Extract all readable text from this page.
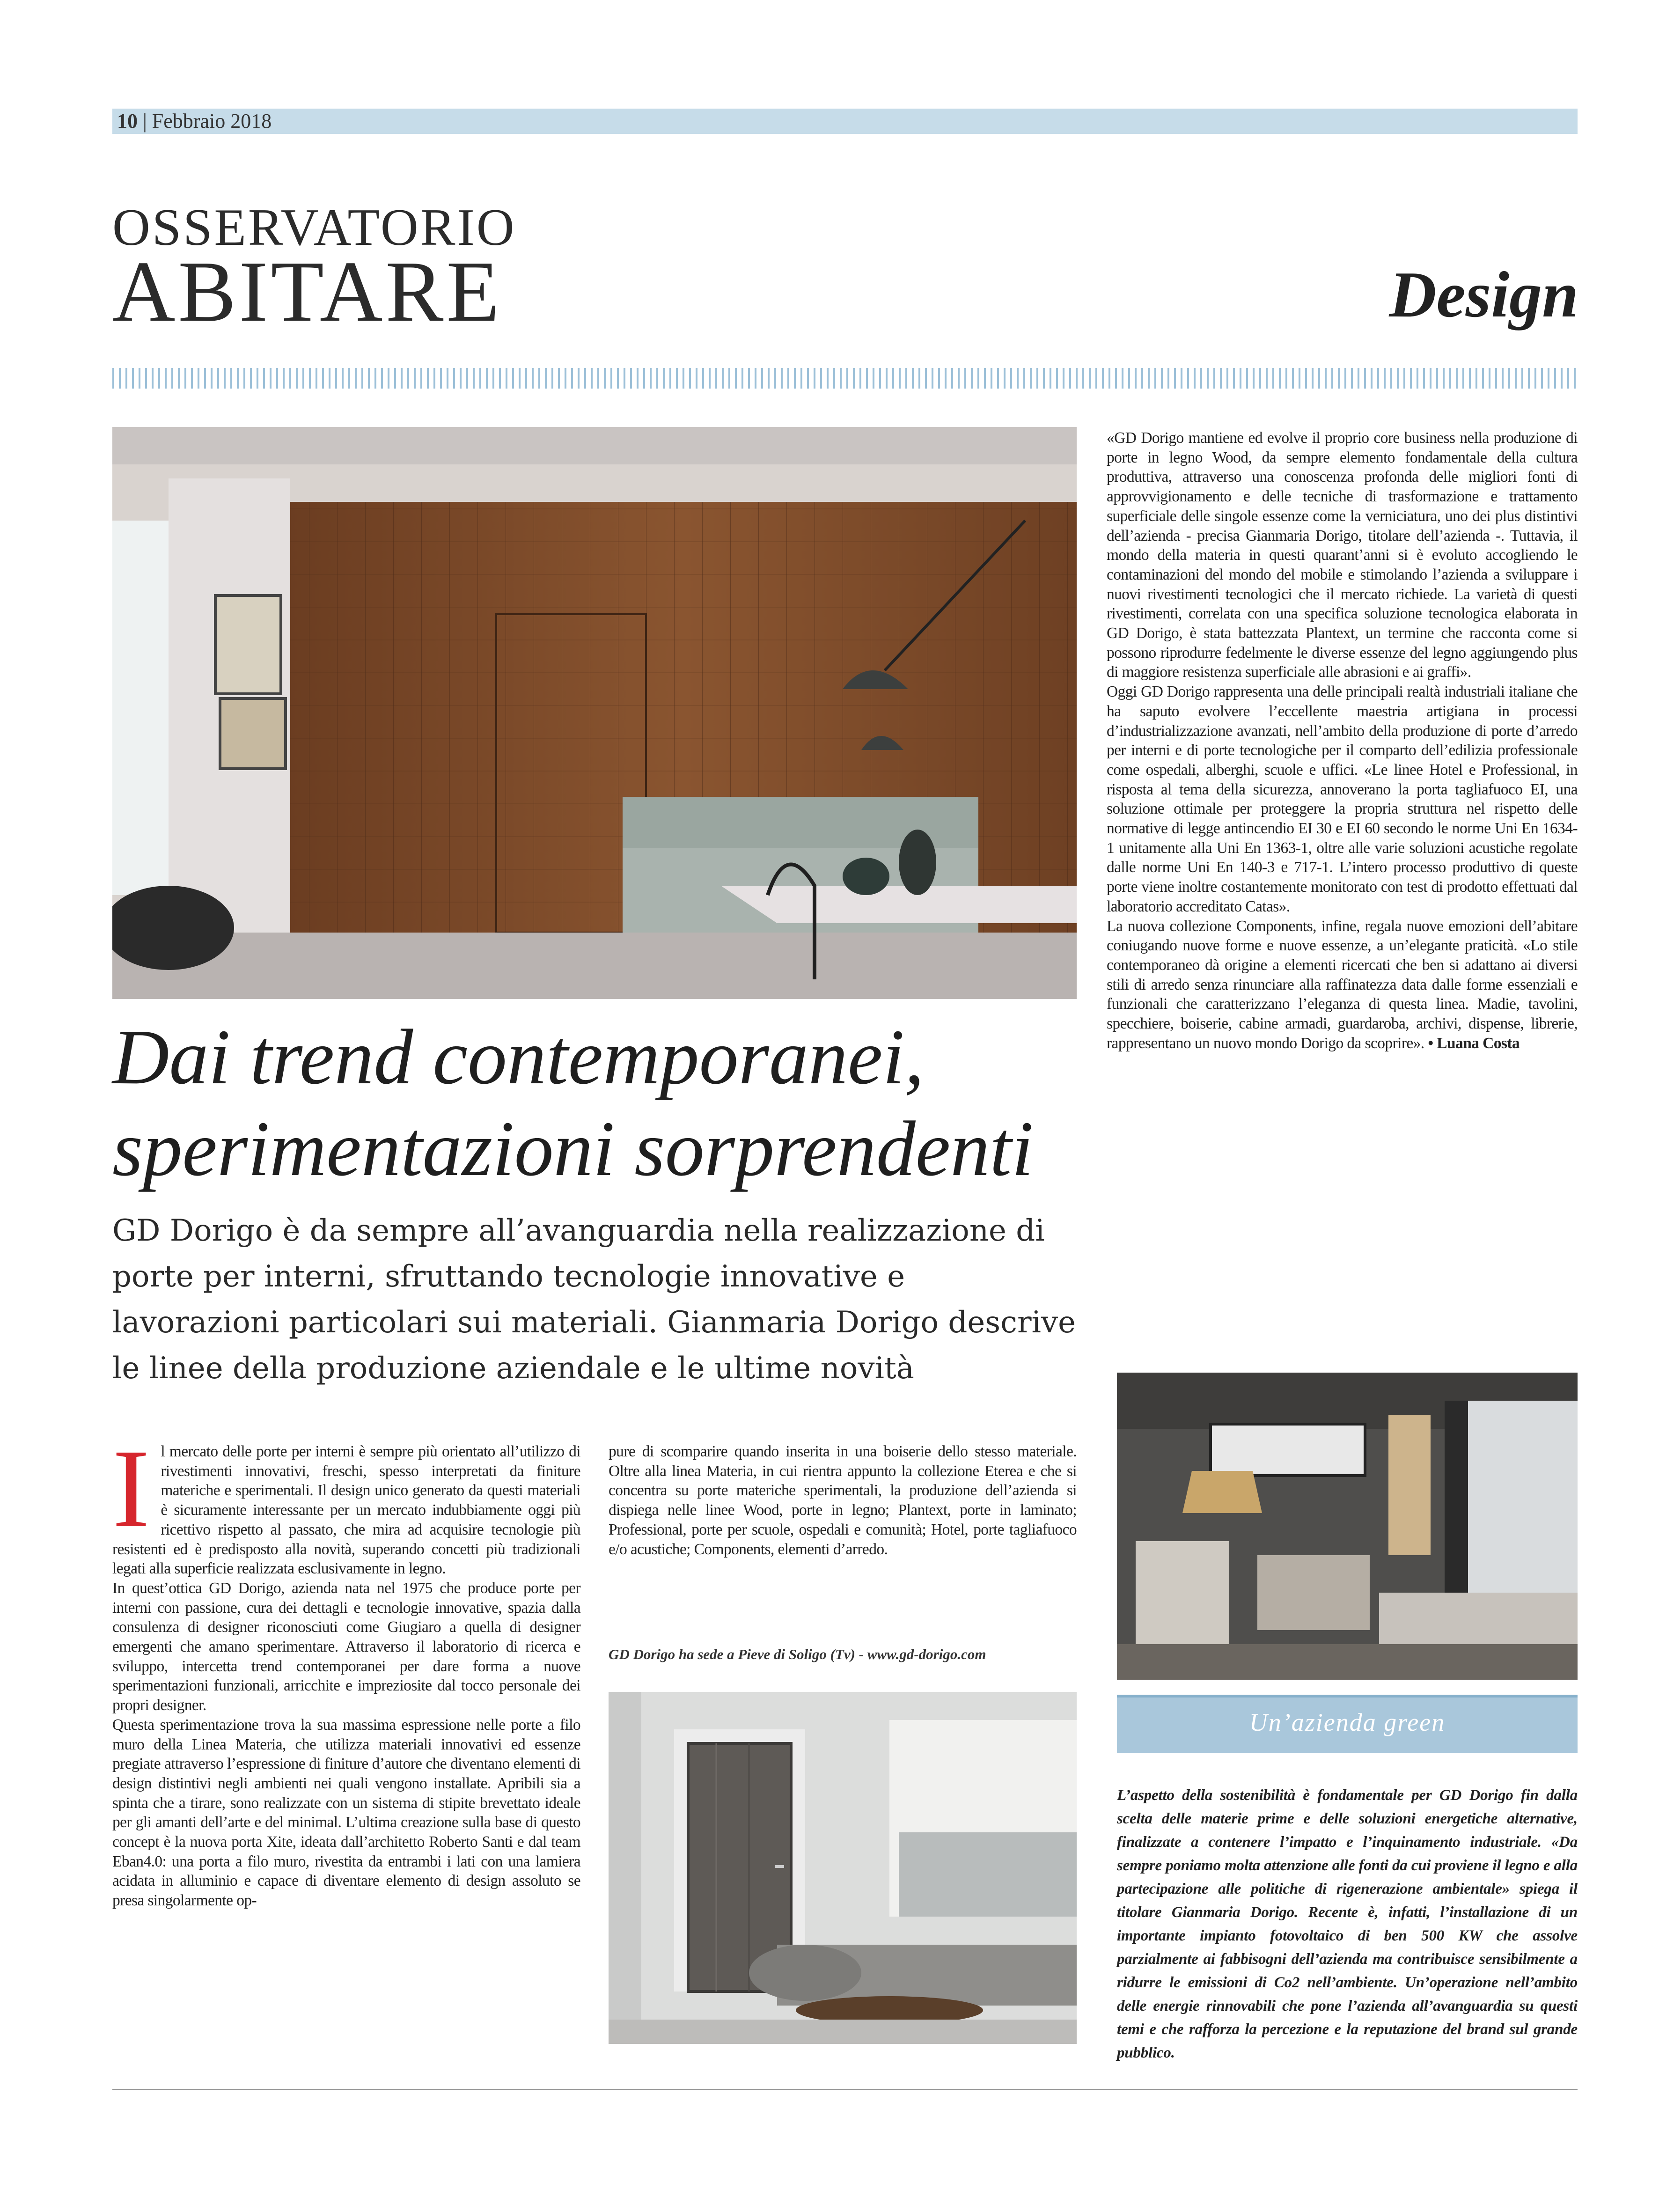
10 | Febbraio 2018
OSSERVATORIO
ABITARE	Design
Dai trend contemporanei,
sperimentazioni sorprendenti

GD Dorigo è da sempre all’avanguardia nella realizzazione di porte per interni, sfruttando tecnologie innovative e lavorazioni particolari sui materiali. Gianmaria Dorigo descrive le linee della produzione aziendale e le ultime novità

I l mercato delle porte per interni è sempre più orientato all’utilizzo di rivestimenti innovativi, freschi, spesso interpretati da finiture materiche e sperimentali. Il design unico generato da questi materiali è sicuramente interessante per un mercato indubbiamente oggi più ricettivo rispetto al passato, che mira ad acquisire tecnologie più resistenti ed è predisposto alla novità, superando concetti più tradizionali legati alla superficie realizzata esclusivamente in legno.

In quest’ottica GD Dorigo, azienda nata nel 1975 che produce porte per interni con passione, cura dei dettagli e tecnologie innovative, spazia dalla consulenza di designer riconosciuti come Giugiaro a quella di designer emergenti che amano sperimentare. Attraverso il laboratorio di ricerca e sviluppo, intercetta trend contemporanei per dare forma a nuove sperimentazioni funzionali, arricchite e impreziosite dal tocco personale dei propri designer.

Questa sperimentazione trova la sua massima espressione nelle porte a filo muro della Linea Materia, che utilizza materiali innovativi ed essenze pregiate attraverso l’espressione di finiture d’autore che diventano elementi di design distintivi negli ambienti nei quali vengono installate. Apribili sia a spinta che a tirare, sono realizzate con un sistema di stipite brevettato ideale per gli amanti dell’arte e del minimal. L’ultima creazione sulla base di questo concept è la nuova porta Xite, ideata dall’architetto Roberto Santi e dal team Eban4.0: una porta a filo muro, rivestita da entrambi i lati con una lamiera acidata in alluminio e capace di diventare elemento di design assoluto se presa singolarmente op-

pure di scomparire quando inserita in una boiserie dello stesso materiale. Oltre alla linea Materia, in cui rientra appunto la collezione Eterea e che si concentra su porte materiche sperimentali, la produzione dell’azienda si dispiega nelle linee Wood, porte in legno; Plantext, porte in laminato; Professional, porte per scuole, ospedali e comunità; Hotel, porte tagliafuoco e/o acustiche; Components, elementi d’arredo.

GD Dorigo ha sede a Pieve di Soligo (Tv) - www.gd-dorigo.com

«GD Dorigo mantiene ed evolve il proprio core business nella produzione di porte in legno Wood, da sempre elemento fondamentale della cultura produttiva, attraverso una conoscenza profonda delle migliori fonti di approvvigionamento e delle tecniche di trasformazione e trattamento superficiale delle singole essenze come la verniciatura, uno dei plus distintivi dell’azienda - precisa Gianmaria Dorigo, titolare dell’azienda -. Tuttavia, il mondo della materia in questi quarant’anni si è evoluto accogliendo le contaminazioni del mondo del mobile e stimolando l’azienda a sviluppare i nuovi rivestimenti tecnologici che il mercato richiede. La varietà di questi rivestimenti, correlata con una specifica soluzione tecnologica elaborata in GD Dorigo, è stata battezzata Plantext, un termine che racconta come si possono riprodurre fedelmente le diverse essenze del legno aggiungendo plus di maggiore resistenza superficiale alle abrasioni e ai graffi».

Oggi GD Dorigo rappresenta una delle principali realtà industriali italiane che ha saputo evolvere l’eccellente maestria artigiana in processi d’industrializzazione avanzati, nell’ambito della produzione di porte d’arredo per interni e di porte tecnologiche per il comparto dell’edilizia professionale come ospedali, alberghi, scuole e uffici. «Le linee Hotel e Professional, in risposta al tema della sicurezza, annoverano la porta tagliafuoco EI, una soluzione ottimale per proteggere la propria struttura nel rispetto delle normative di legge antincendio EI 30 e EI 60 secondo le norme Uni En 1634-1 unitamente alla Uni En 1363-1, oltre alle varie soluzioni acustiche regolate dalle norme Uni En 140-3 e 717-1. L’intero processo produttivo di queste porte viene inoltre costantemente monitorato con test di prodotto effettuati dal laboratorio accreditato Catas».

La nuova collezione Components, infine, regala nuove emozioni dell’abitare coniugando nuove forme e nuove essenze, a un’elegante praticità. «Lo stile contemporaneo dà origine a elementi ricercati che ben si adattano ai diversi stili di arredo senza rinunciare alla raffinatezza data dalle forme essenziali e funzionali che caratterizzano l’eleganza di questa linea. Madie, tavolini, specchiere, boiserie, cabine armadi, guardaroba, archivi, dispense, librerie, rappresentano un nuovo mondo Dorigo da scoprire». • Luana Costa

Un’azienda green

L’aspetto della sostenibilità è fondamentale per GD Dorigo fin dalla scelta delle materie prime e delle soluzioni energetiche alternative, finalizzate a contenere l’impatto e l’inquinamento industriale. «Da sempre poniamo molta attenzione alle fonti da cui proviene il legno e alla partecipazione alle politiche di rigenerazione ambientale» spiega il titolare Gianmaria Dorigo. Recente è, infatti, l’installazione di un importante impianto fotovoltaico di ben 500 KW che assolve parzialmente ai fabbisogni dell’azienda ma contribuisce sensibilmente a ridurre le emissioni di Co2 nell’ambiente. Un’operazione nell’ambito delle energie rinnovabili che pone l’azienda all’avanguardia su questi temi e che rafforza la percezione e la reputazione del brand sul grande pubblico.
